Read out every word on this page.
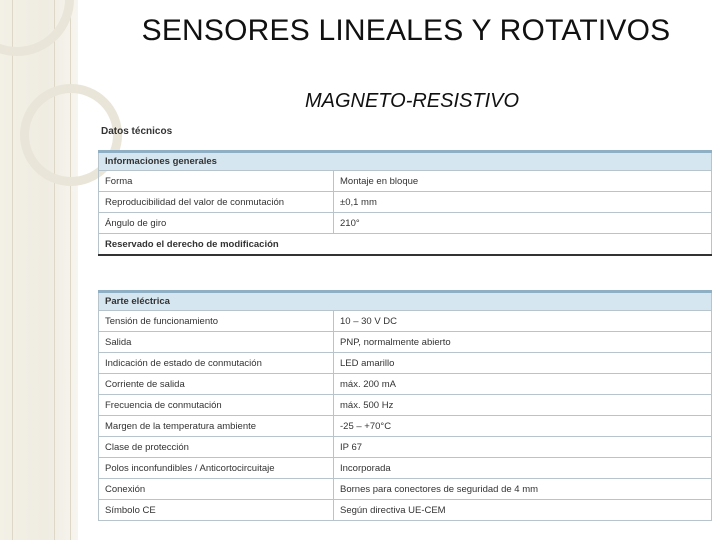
SENSORES LINEALES Y ROTATIVOS
MAGNETO-RESISTIVO
Datos técnicos
Informaciones generales	
Forma	Montaje en bloque
Reproducibilidad del valor de conmutación	±0,1 mm
Ángulo de giro	210°
Reservado el derecho de modificación	
Parte eléctrica	
Tensión de funcionamiento	10 – 30 V DC
Salida	PNP, normalmente abierto
Indicación de estado de conmutación	LED amarillo
Corriente de salida	máx. 200 mA
Frecuencia de conmutación	máx. 500 Hz
Margen de la temperatura ambiente	-25 – +70°C
Clase de protección	IP 67
Polos inconfundibles / Anticortocircuitaje	Incorporada
Conexión	Bornes para conectores de seguridad de 4 mm
Símbolo CE	Según directiva UE-CEM
